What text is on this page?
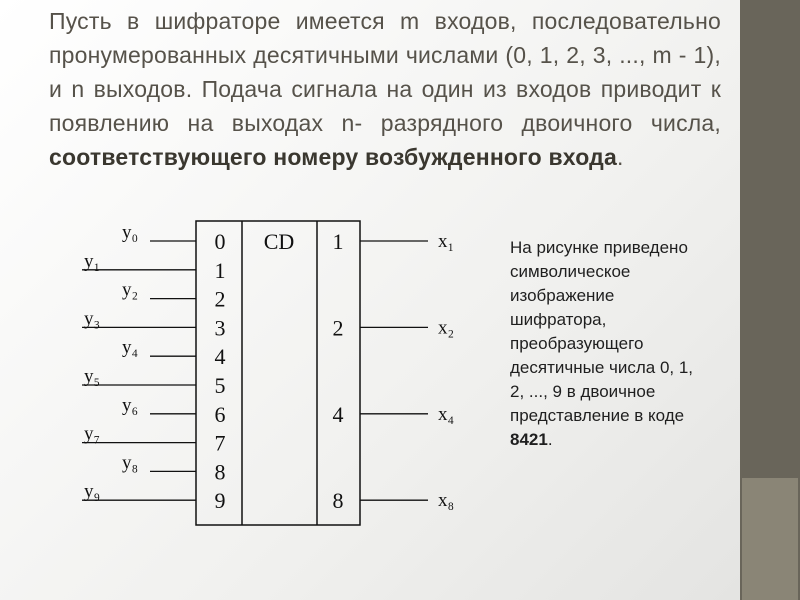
Пусть в шифраторе имеется m входов, последовательно пронумерованных десятичными числами (0, 1, 2, 3, ..., m - 1), и n выходов. Подача сигнала на один из входов приводит к появлению на выходах n- разрядного двоичного числа, соответствующего номеру возбужденного входа.

CD
y₀	0
y₁	1
y₂	2
y₃	3
y₄	4
y₅	5
y₆	6
y₇	7
y₈	8
y₉	9
1	x₁
2	x₂
4	x₄
8	x₈

На рисунке приведено символическое изображение шифратора, преобразующего десятичные числа 0, 1, 2, ..., 9 в двоичное представление в коде 8421.
